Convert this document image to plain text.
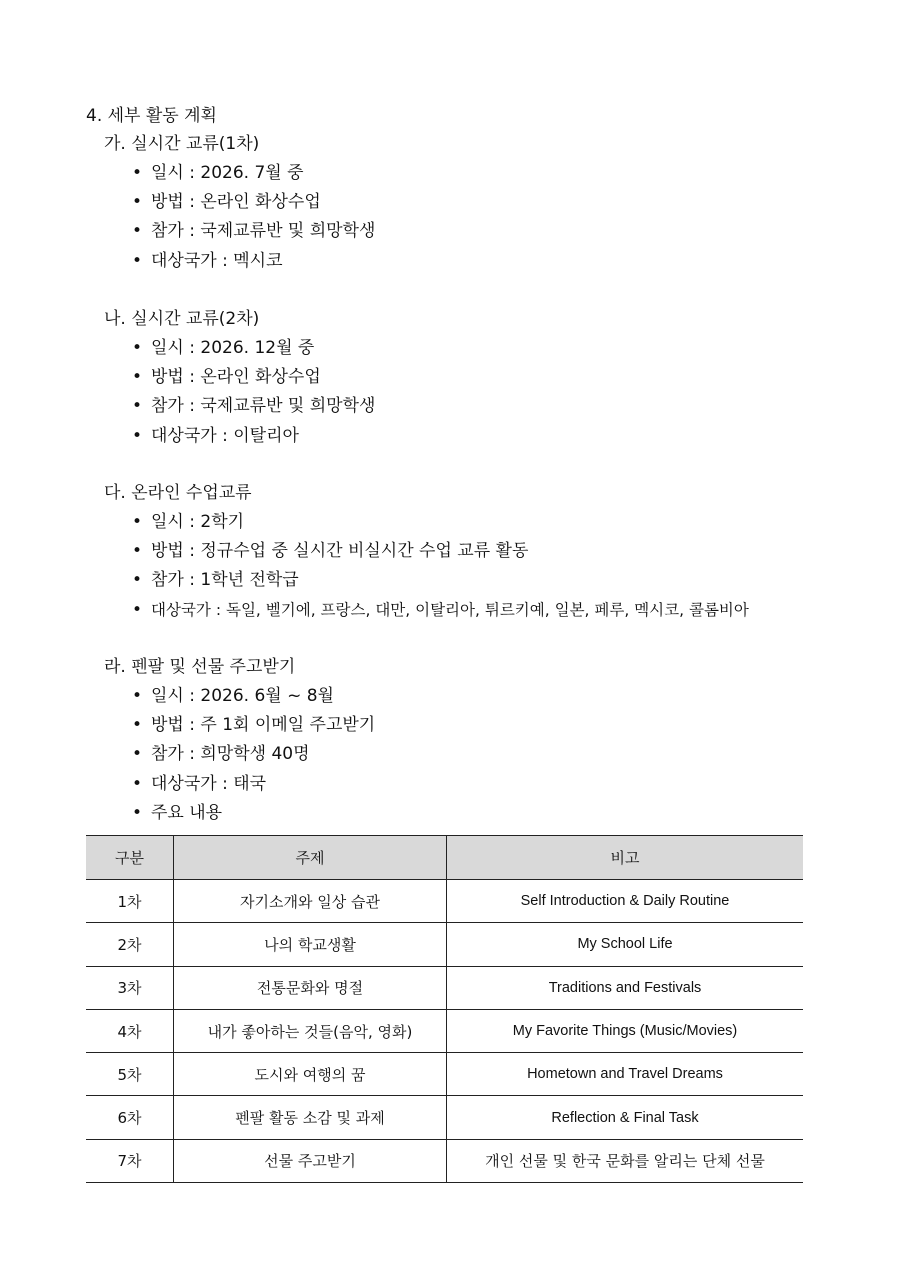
4. 세부 활동 계획
가. 실시간 교류(1차)
• 일시 : 2026. 7월 중
• 방법 : 온라인 화상수업
• 참가 : 국제교류반 및 희망학생
• 대상국가 : 멕시코
나. 실시간 교류(2차)
• 일시 : 2026. 12월 중
• 방법 : 온라인 화상수업
• 참가 : 국제교류반 및 희망학생
• 대상국가 : 이탈리아
다. 온라인 수업교류
• 일시 : 2학기
• 방법 : 정규수업 중 실시간 비실시간 수업 교류 활동
• 참가 : 1학년 전학급
• 대상국가 : 독일, 벨기에, 프랑스, 대만, 이탈리아, 튀르키예, 일본, 페루, 멕시코, 콜롬비아
라. 펜팔 및 선물 주고받기
• 일시 : 2026. 6월 ~ 8월
• 방법 : 주 1회 이메일 주고받기
• 참가 : 희망학생 40명
• 대상국가 : 태국
• 주요 내용
구분	주제	비고
1차	자기소개와 일상 습관	Self Introduction & Daily Routine
2차	나의 학교생활	My School Life
3차	전통문화와 명절	Traditions and Festivals
4차	내가 좋아하는 것들(음악, 영화)	My Favorite Things (Music/Movies)
5차	도시와 여행의 꿈	Hometown and Travel Dreams
6차	펜팔 활동 소감 및 과제	Reflection & Final Task
7차	선물 주고받기	개인 선물 및 한국 문화를 알리는 단체 선물
